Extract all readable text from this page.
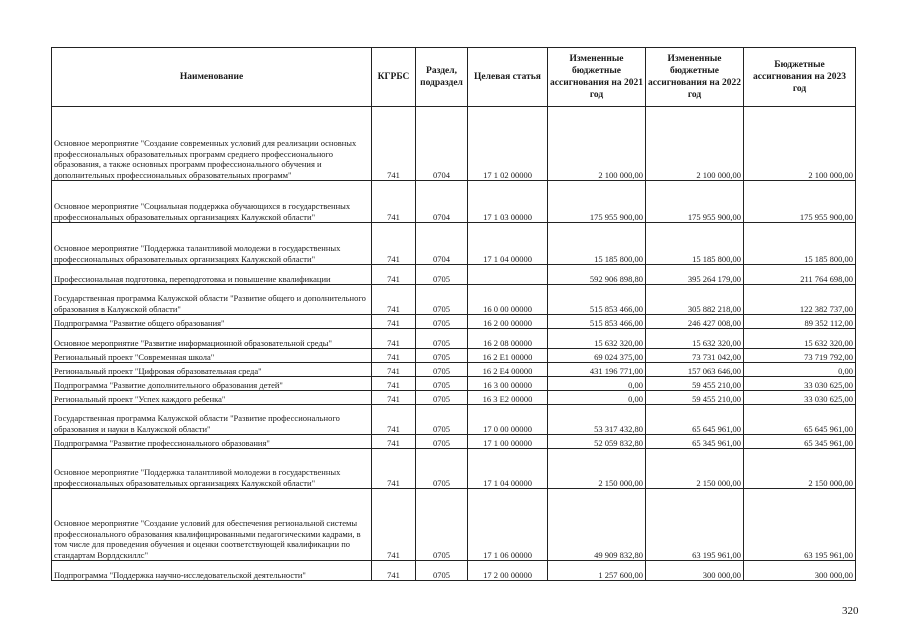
Наименование	КГРБС	Раздел, подраздел	Целевая статья	Измененные бюджетные ассигнования на 2021 год	Измененные бюджетные ассигнования на 2022 год	Бюджетные ассигнования на 2023 год
Основное мероприятие "Создание современных условий для реализации основных профессиональных образовательных программ среднего профессионального образования, а также основных программ профессионального обучения и дополнительных профессиональных образовательных программ"	741	0704	17 1 02 00000	2 100 000,00	2 100 000,00	2 100 000,00
Основное мероприятие "Социальная поддержка обучающихся в государственных профессиональных образовательных организациях Калужской области"	741	0704	17 1 03 00000	175 955 900,00	175 955 900,00	175 955 900,00
Основное мероприятие "Поддержка талантливой молодежи в государственных профессиональных образовательных организациях Калужской области"	741	0704	17 1 04 00000	15 185 800,00	15 185 800,00	15 185 800,00
Профессиональная подготовка, переподготовка и повышение квалификации	741	0705		592 906 898,80	395 264 179,00	211 764 698,00
Государственная программа Калужской области "Развитие общего и дополнительного образования в Калужской области"	741	0705	16 0 00 00000	515 853 466,00	305 882 218,00	122 382 737,00
Подпрограмма "Развитие общего образования"	741	0705	16 2 00 00000	515 853 466,00	246 427 008,00	89 352 112,00
Основное мероприятие "Развитие информационной образовательной среды"	741	0705	16 2 08 00000	15 632 320,00	15 632 320,00	15 632 320,00
Региональный проект "Современная школа"	741	0705	16 2 E1 00000	69 024 375,00	73 731 042,00	73 719 792,00
Региональный проект "Цифровая образовательная среда"	741	0705	16 2 E4 00000	431 196 771,00	157 063 646,00	0,00
Подпрограмма "Развитие дополнительного образования детей"	741	0705	16 3 00 00000	0,00	59 455 210,00	33 030 625,00
Региональный проект "Успех каждого ребенка"	741	0705	16 3 E2 00000	0,00	59 455 210,00	33 030 625,00
Государственная программа Калужской области "Развитие профессионального образования и науки в Калужской области"	741	0705	17 0 00 00000	53 317 432,80	65 645 961,00	65 645 961,00
Подпрограмма "Развитие профессионального образования"	741	0705	17 1 00 00000	52 059 832,80	65 345 961,00	65 345 961,00
Основное мероприятие "Поддержка талантливой молодежи в государственных профессиональных образовательных организациях Калужской области"	741	0705	17 1 04 00000	2 150 000,00	2 150 000,00	2 150 000,00
Основное мероприятие "Создание условий для обеспечения региональной системы профессионального образования квалифицированными педагогическими кадрами, в том числе для проведения обучения и оценки соответствующей квалификации по стандартам Ворлдскиллс"	741	0705	17 1 06 00000	49 909 832,80	63 195 961,00	63 195 961,00
Подпрограмма "Поддержка научно-исследовательской деятельности"	741	0705	17 2 00 00000	1 257 600,00	300 000,00	300 000,00
320
